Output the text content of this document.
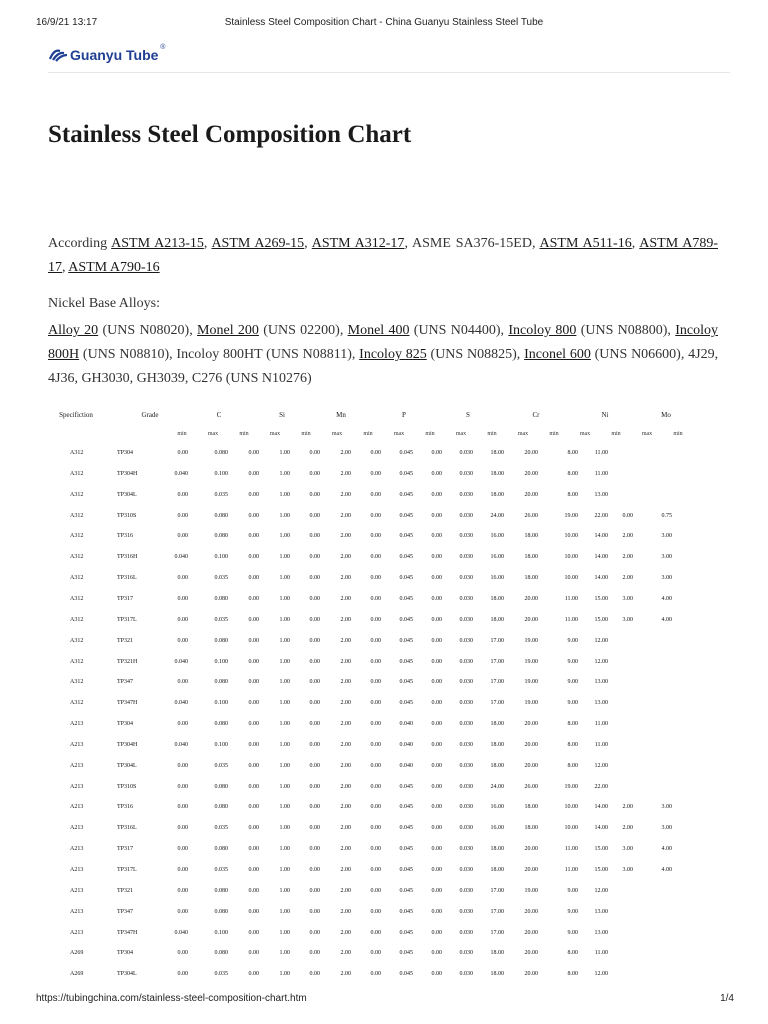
16/9/21 13:17	Stainless Steel Composition Chart - China Guanyu Stainless Steel Tube
Guanyu Tube ®
Stainless Steel Composition Chart
According ASTM A213-15, ASTM A269-15, ASTM A312-17, ASME SA376-15ED, ASTM A511-16, ASTM A789-17, ASTM A790-16
Nickel Base Alloys:
Alloy 20 (UNS N08020), Monel 200 (UNS 02200), Monel 400 (UNS N04400), Incoloy 800 (UNS N08800), Incoloy 800H (UNS N08810), Incoloy 800HT (UNS N08811), Incoloy 825 (UNS N08825), Inconel 600 (UNS N06600), 4J29, 4J36, GH3030, GH3039, C276 (UNS N10276)
Specifiction	Grade	C	Si	Mn	P	S	Cr	Ni	Mo
min	max	min	max	min	max	min	max	min	max	min	max	min	max	min	max	min
A312	TP304	0.00	0.080	0.00	1.00	0.00	2.00	0.00	0.045	0.00	0.030	18.00	20.00	8.00	11.00
A312	TP304H	0.040	0.100	0.00	1.00	0.00	2.00	0.00	0.045	0.00	0.030	18.00	20.00	8.00	11.00
A312	TP304L	0.00	0.035	0.00	1.00	0.00	2.00	0.00	0.045	0.00	0.030	18.00	20.00	8.00	13.00
A312	TP310S	0.00	0.080	0.00	1.00	0.00	2.00	0.00	0.045	0.00	0.030	24.00	26.00	19.00	22.00	0.00	0.75
A312	TP316	0.00	0.080	0.00	1.00	0.00	2.00	0.00	0.045	0.00	0.030	16.00	18.00	10.00	14.00	2.00	3.00
A312	TP316H	0.040	0.100	0.00	1.00	0.00	2.00	0.00	0.045	0.00	0.030	16.00	18.00	10.00	14.00	2.00	3.00
A312	TP316L	0.00	0.035	0.00	1.00	0.00	2.00	0.00	0.045	0.00	0.030	16.00	18.00	10.00	14.00	2.00	3.00
A312	TP317	0.00	0.080	0.00	1.00	0.00	2.00	0.00	0.045	0.00	0.030	18.00	20.00	11.00	15.00	3.00	4.00
A312	TP317L	0.00	0.035	0.00	1.00	0.00	2.00	0.00	0.045	0.00	0.030	18.00	20.00	11.00	15.00	3.00	4.00
A312	TP321	0.00	0.080	0.00	1.00	0.00	2.00	0.00	0.045	0.00	0.030	17.00	19.00	9.00	12.00
A312	TP321H	0.040	0.100	0.00	1.00	0.00	2.00	0.00	0.045	0.00	0.030	17.00	19.00	9.00	12.00
A312	TP347	0.00	0.080	0.00	1.00	0.00	2.00	0.00	0.045	0.00	0.030	17.00	19.00	9.00	13.00
A312	TP347H	0.040	0.100	0.00	1.00	0.00	2.00	0.00	0.045	0.00	0.030	17.00	19.00	9.00	13.00
A213	TP304	0.00	0.080	0.00	1.00	0.00	2.00	0.00	0.040	0.00	0.030	18.00	20.00	8.00	11.00
A213	TP304H	0.040	0.100	0.00	1.00	0.00	2.00	0.00	0.040	0.00	0.030	18.00	20.00	8.00	11.00
A213	TP304L	0.00	0.035	0.00	1.00	0.00	2.00	0.00	0.040	0.00	0.030	18.00	20.00	8.00	12.00
A213	TP310S	0.00	0.080	0.00	1.00	0.00	2.00	0.00	0.045	0.00	0.030	24.00	26.00	19.00	22.00
A213	TP316	0.00	0.080	0.00	1.00	0.00	2.00	0.00	0.045	0.00	0.030	16.00	18.00	10.00	14.00	2.00	3.00
A213	TP316L	0.00	0.035	0.00	1.00	0.00	2.00	0.00	0.045	0.00	0.030	16.00	18.00	10.00	14.00	2.00	3.00
A213	TP317	0.00	0.080	0.00	1.00	0.00	2.00	0.00	0.045	0.00	0.030	18.00	20.00	11.00	15.00	3.00	4.00
A213	TP317L	0.00	0.035	0.00	1.00	0.00	2.00	0.00	0.045	0.00	0.030	18.00	20.00	11.00	15.00	3.00	4.00
A213	TP321	0.00	0.080	0.00	1.00	0.00	2.00	0.00	0.045	0.00	0.030	17.00	19.00	9.00	12.00
A213	TP347	0.00	0.080	0.00	1.00	0.00	2.00	0.00	0.045	0.00	0.030	17.00	20.00	9.00	13.00
A213	TP347H	0.040	0.100	0.00	1.00	0.00	2.00	0.00	0.045	0.00	0.030	17.00	20.00	9.00	13.00
A269	TP304	0.00	0.080	0.00	1.00	0.00	2.00	0.00	0.045	0.00	0.030	18.00	20.00	8.00	11.00
A269	TP304L	0.00	0.035	0.00	1.00	0.00	2.00	0.00	0.045	0.00	0.030	18.00	20.00	8.00	12.00
https://tubingchina.com/stainless-steel-composition-chart.htm	1/4
